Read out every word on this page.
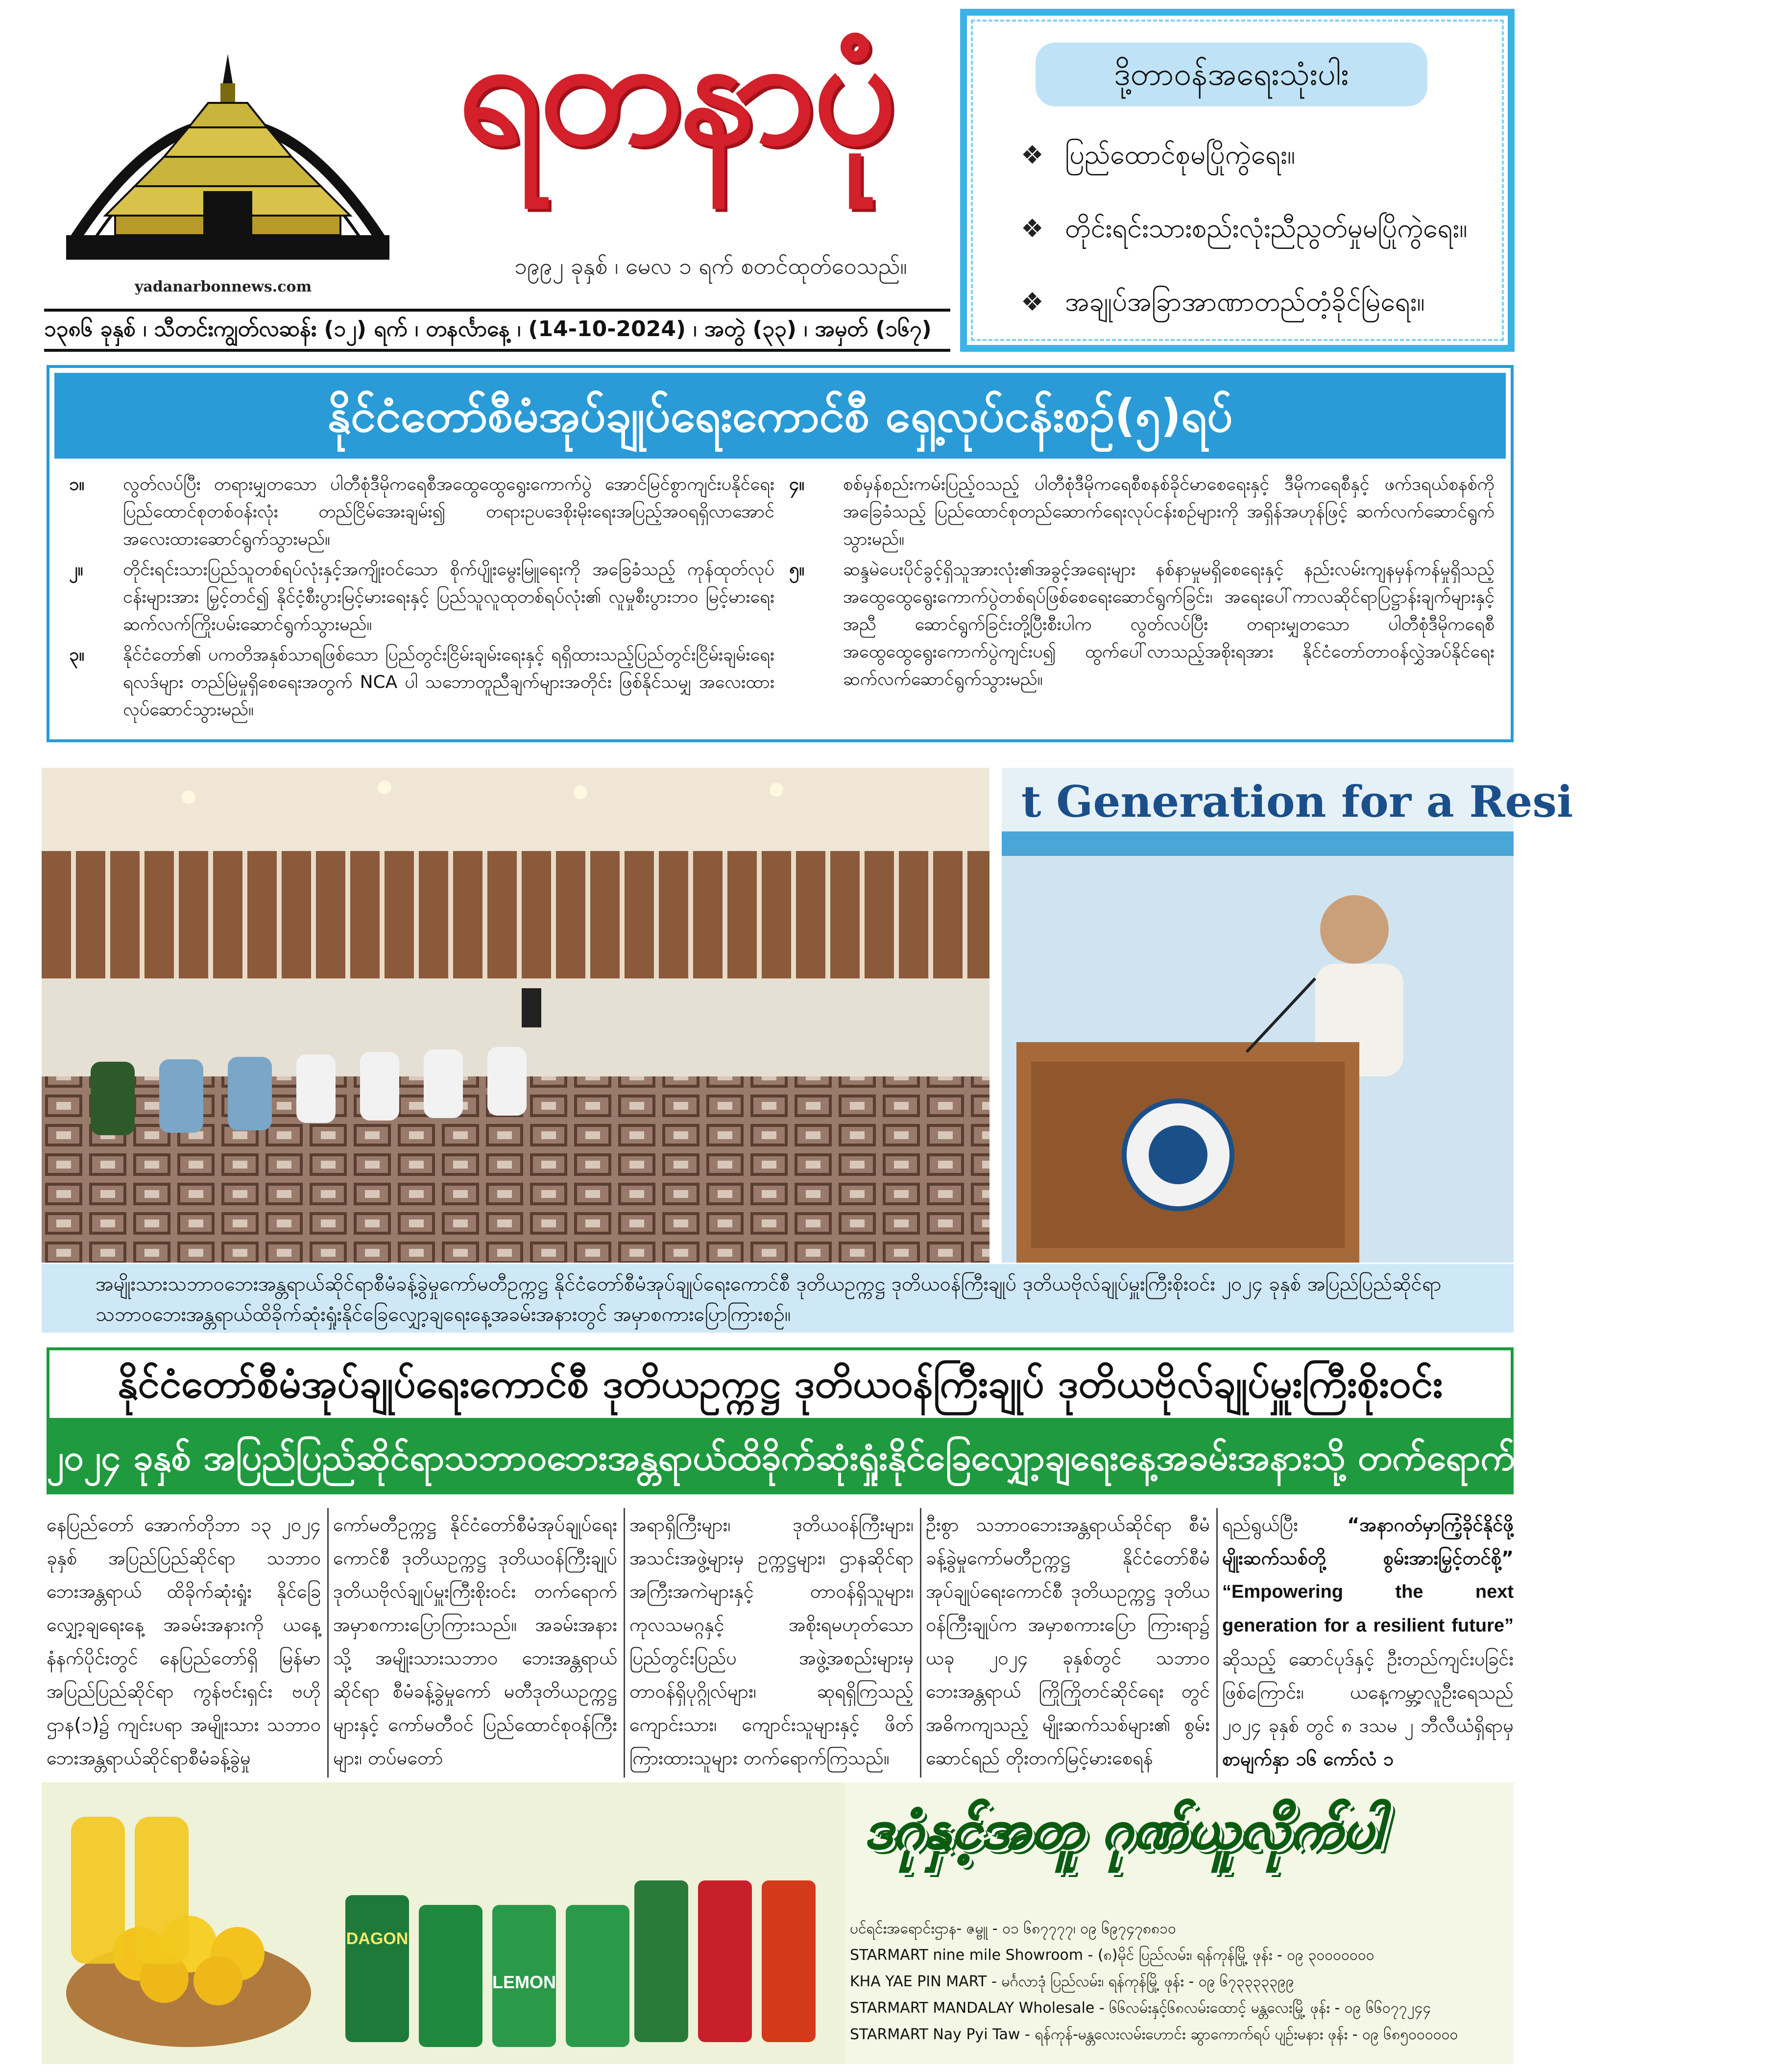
yadanarbonnews.com
ရတနာပုံ
၁၉၉၂ ခုနှစ် ၊ မေလ ၁ ရက် စတင်ထုတ်ဝေသည်။
၁၃၈၆ ခုနှစ် ၊ သီတင်းကျွတ်လဆန်း (၁၂) ရက် ၊ တနင်္လာနေ့ ၊ (14-10-2024) ၊ အတွဲ (၃၃) ၊ အမှတ် (၁၆၇)
ဒို့တာဝန်အရေးသုံးပါး
❖ ပြည်ထောင်စုမပြိုကွဲရေး။
❖ တိုင်းရင်းသားစည်းလုံးညီညွတ်မှုမပြိုကွဲရေး။
❖ အချုပ်အခြာအာဏာတည်တံ့ခိုင်မြဲရေး။
နိုင်ငံတော်စီမံအုပ်ချုပ်ရေးကောင်စီ ရှေ့လုပ်ငန်းစဉ်(၅)ရပ်
၁။ လွတ်လပ်ပြီး တရားမျှတသော ပါတီစုံဒီမိုကရေစီအထွေထွေရွေးကောက်ပွဲ အောင်မြင်စွာကျင်းပနိုင်ရေး ပြည်ထောင်စုတစ်ဝန်းလုံး တည်ငြိမ်အေးချမ်း၍ တရားဥပဒေစိုးမိုးရေးအပြည့်အဝရရှိလာအောင် အလေးထားဆောင်ရွက်သွားမည်။
၂။ တိုင်းရင်းသားပြည်သူတစ်ရပ်လုံးနှင့်အကျိုးဝင်သော စိုက်ပျိုးမွေးမြူရေးကို အခြေခံသည့် ကုန်ထုတ်လုပ်ငန်းများအား မြှင့်တင်၍ နိုင်ငံ့စီးပွားမြင့်မားရေးနှင့် ပြည်သူလူထုတစ်ရပ်လုံး၏ လူမှုစီးပွားဘဝ မြင့်မားရေး ဆက်လက်ကြိုးပမ်းဆောင်ရွက်သွားမည်။
၃။ နိုင်ငံတော်၏ ပကတိအနှစ်သာရဖြစ်သော ပြည်တွင်းငြိမ်းချမ်းရေးနှင့် ရရှိထားသည့်ပြည်တွင်းငြိမ်းချမ်းရေးရလဒ်များ တည်မြဲမှုရှိစေရေးအတွက် NCA ပါ သဘောတူညီချက်များအတိုင်း ဖြစ်နိုင်သမျှ အလေးထားလုပ်ဆောင်သွားမည်။
၄။ စစ်မှန်စည်းကမ်းပြည့်ဝသည့် ပါတီစုံဒီမိုကရေစီစနစ်ခိုင်မာစေရေးနှင့် ဒီမိုကရေစီနှင့် ဖက်ဒရယ်စနစ်ကို အခြေခံသည့် ပြည်ထောင်စုတည်ဆောက်ရေးလုပ်ငန်းစဉ်များကို အရှိန်အဟုန်ဖြင့် ဆက်လက်ဆောင်ရွက်သွားမည်။
၅။ ဆန္ဒမဲပေးပိုင်ခွင့်ရှိသူအားလုံး၏အခွင့်အရေးများ နစ်နာမှုမရှိစေရေးနှင့် နည်းလမ်းကျနမှန်ကန်မှုရှိသည့် အထွေထွေရွေးကောက်ပွဲတစ်ရပ်ဖြစ်စေရေးဆောင်ရွက်ခြင်း၊ အရေးပေါ်ကာလဆိုင်ရာပြဋ္ဌာန်းချက်များနှင့်အညီ ဆောင်ရွက်ခြင်းတို့ပြီးစီးပါက လွတ်လပ်ပြီး တရားမျှတသော ပါတီစုံဒီမိုကရေစီ အထွေထွေရွေးကောက်ပွဲကျင်းပ၍ ထွက်ပေါ်လာသည့်အစိုးရအား နိုင်ငံတော်တာဝန်လွှဲအပ်နိုင်ရေး ဆက်လက်ဆောင်ရွက်သွားမည်။
t Generation for a Resi
အမျိုးသားသဘာဝဘေးအန္တရာယ်ဆိုင်ရာစီမံခန့်ခွဲမှုကော်မတီဥက္ကဋ္ဌ နိုင်ငံတော်စီမံအုပ်ချုပ်ရေးကောင်စီ ဒုတိယဥက္ကဋ္ဌ ဒုတိယဝန်ကြီးချုပ် ဒုတိယဗိုလ်ချုပ်မှူးကြီးစိုးဝင်း ၂၀၂၄ ခုနှစ် အပြည်ပြည်ဆိုင်ရာသဘာဝဘေးအန္တရာယ်ထိခိုက်ဆုံးရှုံးနိုင်ခြေလျှော့ချရေးနေ့အခမ်းအနားတွင် အမှာစကားပြောကြားစဉ်။
နိုင်ငံတော်စီမံအုပ်ချုပ်ရေးကောင်စီ ဒုတိယဥက္ကဋ္ဌ ဒုတိယဝန်ကြီးချုပ် ဒုတိယဗိုလ်ချုပ်မှူးကြီးစိုးဝင်း
၂၀၂၄ ခုနှစ် အပြည်ပြည်ဆိုင်ရာသဘာဝဘေးအန္တရာယ်ထိခိုက်ဆုံးရှုံးနိုင်ခြေလျှော့ချရေးနေ့အခမ်းအနားသို့ တက်ရောက်အမှာစကားပြောကြား
နေပြည်တော် အောက်တိုဘာ ၁၃ ၂၀၂၄ ခုနှစ် အပြည်ပြည်ဆိုင်ရာ သဘာဝဘေးအန္တရာယ် ထိခိုက်ဆုံးရှုံး နိုင်ခြေလျှော့ချရေးနေ့ အခမ်းအနားကို ယနေ့နံနက်ပိုင်းတွင် နေပြည်တော်ရှိ မြန်မာအပြည်ပြည်ဆိုင်ရာ ကွန်ဗင်းရှင်း ဗဟိုဌာန(၁)၌ ကျင်းပရာ အမျိုးသား သဘာဝဘေးအန္တရာယ်ဆိုင်ရာစီမံခန့်ခွဲမှု
ကော်မတီဥက္ကဋ္ဌ နိုင်ငံတော်စီမံအုပ်ချုပ်ရေး ကောင်စီ ဒုတိယဥက္ကဋ္ဌ ဒုတိယဝန်ကြီးချုပ် ဒုတိယဗိုလ်ချုပ်မှူးကြီးစိုးဝင်း တက်ရောက်အမှာစကားပြောကြားသည်။ အခမ်းအနားသို့ အမျိုးသားသဘာဝ ဘေးအန္တရာယ်ဆိုင်ရာ စီမံခန့်ခွဲမှုကော် မတီဒုတိယဥက္ကဋ္ဌများနှင့် ကော်မတီဝင် ပြည်ထောင်စုဝန်ကြီးများ၊ တပ်မတော်
အရာရှိကြီးများ၊ ဒုတိယဝန်ကြီးများ၊ အသင်းအဖွဲ့များမှ ဥက္ကဋ္ဌများ၊ ဌာနဆိုင်ရာ အကြီးအကဲများနှင့် တာဝန်ရှိသူများ၊ ကုလသမဂ္ဂနှင့် အစိုးရမဟုတ်သော ပြည်တွင်းပြည်ပ အဖွဲ့အစည်းများမှ တာဝန်ရှိပုဂ္ဂိုလ်များ၊ ဆုရရှိကြသည့် ကျောင်းသား၊ ကျောင်းသူများနှင့် ဖိတ် ကြားထားသူများ တက်ရောက်ကြသည်။
ဦးစွာ သဘာဝဘေးအန္တရာယ်ဆိုင်ရာ စီမံခန့်ခွဲမှုကော်မတီဥက္ကဋ္ဌ နိုင်ငံတော်စီမံ အုပ်ချုပ်ရေးကောင်စီ ဒုတိယဥက္ကဋ္ဌ ဒုတိယဝန်ကြီးချုပ်က အမှာစကားပြော ကြားရာ၌ ယခု ၂၀၂၄ ခုနှစ်တွင် သဘာဝ ဘေးအန္တရာယ် ကြိုကြိုတင်ဆိုင်ရေး တွင် အဓိကကျသည့် မျိုးဆက်သစ်များ၏ စွမ်းဆောင်ရည် တိုးတက်မြင့်မားစေရန်
ရည်ရွယ်ပြီး “အနာဂတ်မှာကြံ့ခိုင်နိုင်ဖို့ မျိုးဆက်သစ်တို့ စွမ်းအားမြှင့်တင်စို့” “Empowering the next generation for a resilient future” ဆိုသည့် ဆောင်ပုဒ်နှင့် ဦးတည်ကျင်းပခြင်းဖြစ်ကြောင်း၊ ယနေ့ကမ္ဘာ့လူဦးရေသည် ၂၀၂၄ ခုနှစ် တွင် ၈ ဒသမ ၂ ဘီလီယံရှိရာမှ စာမျက်နှာ ၁၆ ကော်လံ ၁
DAGON
LEMON
ဒဂုံနှင့်အတူ ဂုဏ်ယူလိုက်ပါ
ပင်ရင်းအရောင်းဌာန- ဇမ္ဗူ - ၀၁ ၆၈၇၇၇၇၊ ၀၉ ၆၉၇၄၇၈၈၁၀
STARMART nine mile Showroom - (၈)မိုင် ပြည်လမ်း၊ ရန်ကုန်မြို့ ဖုန်း - ၀၉ ၃၀၀၀၀၀၀၀
KHA YAE PIN MART - မင်္ဂလာဒုံ ပြည်လမ်း၊ ရန်ကုန်မြို့ ဖုန်း - ၀၉ ၆၇၃၃၃၃၃၉၉
STARMART MANDALAY Wholesale - ၆၆လမ်းနှင့်၆၈လမ်းထောင့် မန္တလေးမြို့ ဖုန်း - ၀၉ ၆၆၀၇၇၂၄၄
STARMART Nay Pyi Taw - ရန်ကုန်-မန္တလေးလမ်းဟောင်း ဆွာကောက်ရပ် ပျဉ်းမနား ဖုန်း - ၀၉ ၆၈၅၀၀၀၀၀၀
